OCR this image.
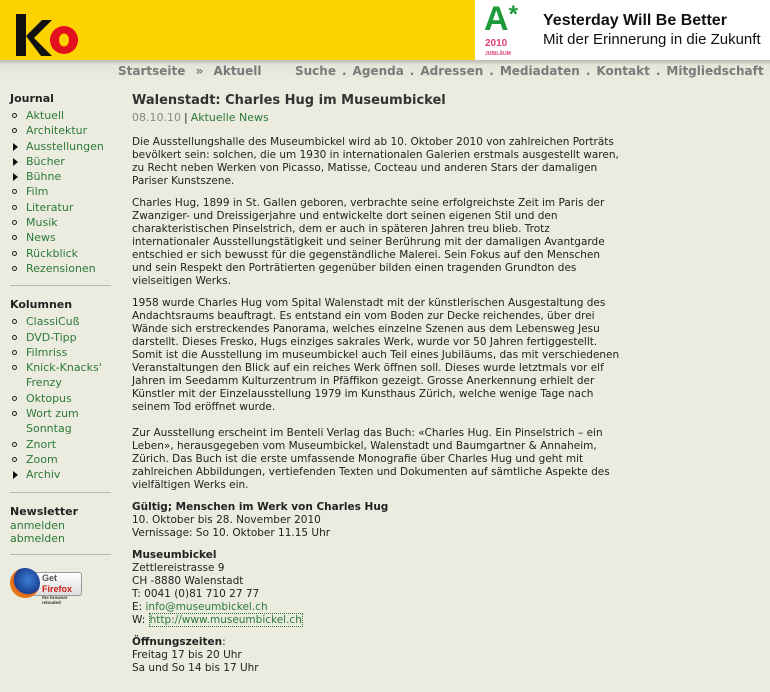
A*
2010
JUBILÄUM
Yesterday Will Be Better
Mit der Erinnerung in die Zukunft
Startseite » Aktuell	Suche . Agenda . Adressen . Mediadaten . Kontakt . Mitgliedschaft
Journal
Aktuell
Architektur
Ausstellungen
Bücher
Bühne
Film
Literatur
Musik
News
Rückblick
Rezensionen
Kolumnen
ClassiCuß
DVD-Tipp
Filmriss
Knick-Knacks' Frenzy
Oktopus
Wort zum Sonntag
Znort
Zoom
Archiv
Newsletter
anmelden
abmelden
Get Firefox
the browser reloaded
Walenstadt: Charles Hug im Museumbickel
08.10.10 | Aktuelle News

Die Ausstellungshalle des Museumbickel wird ab 10. Oktober 2010 von zahlreichen Porträts bevölkert sein: solchen, die um 1930 in internationalen Galerien erstmals ausgestellt waren, zu Recht neben Werken von Picasso, Matisse, Cocteau und anderen Stars der damaligen Pariser Kunstszene.

Charles Hug, 1899 in St. Gallen geboren, verbrachte seine erfolgreichste Zeit im Paris der Zwanziger- und Dreissigerjahre und entwickelte dort seinen eigenen Stil und den charakteristischen Pinselstrich, dem er auch in späteren Jahren treu blieb. Trotz internationaler Ausstellungstätigkeit und seiner Berührung mit der damaligen Avantgarde entschied er sich bewusst für die gegenständliche Malerei. Sein Fokus auf den Menschen und sein Respekt den Porträtierten gegenüber bilden einen tragenden Grundton des vielseitigen Werks.

1958 wurde Charles Hug vom Spital Walenstadt mit der künstlerischen Ausgestaltung des Andachtsraums beauftragt. Es entstand ein vom Boden zur Decke reichendes, über drei Wände sich erstreckendes Panorama, welches einzelne Szenen aus dem Lebensweg Jesu darstellt. Dieses Fresko, Hugs einziges sakrales Werk, wurde vor 50 Jahren fertiggestellt. Somit ist die Ausstellung im museumbickel auch Teil eines Jubiläums, das mit verschiedenen Veranstaltungen den Blick auf ein reiches Werk öffnen soll. Dieses wurde letztmals vor elf Jahren im Seedamm Kulturzentrum in Pfäffikon gezeigt. Grosse Anerkennung erhielt der Künstler mit der Einzelausstellung 1979 im Kunsthaus Zürich, welche wenige Tage nach seinem Tod eröffnet wurde.

Zur Ausstellung erscheint im Benteli Verlag das Buch: «Charles Hug. Ein Pinselstrich – ein Leben», herausgegeben vom Museumbickel, Walenstadt und Baumgartner & Annaheim, Zürich. Das Buch ist die erste umfassende Monografie über Charles Hug und geht mit zahlreichen Abbildungen, vertiefenden Texten und Dokumenten auf sämtliche Aspekte des vielfältigen Werks ein.

Gültig; Menschen im Werk von Charles Hug
10. Oktober bis 28. November 2010
Vernissage: So 10. Oktober 11.15 Uhr

Museumbickel
Zettlereistrasse 9
CH -8880 Walenstadt
T: 0041 (0)81 710 27 77
E: info@museumbickel.ch
W: http://www.museumbickel.ch

Öffnungszeiten:
Freitag 17 bis 20 Uhr
Sa und So 14 bis 17 Uhr
